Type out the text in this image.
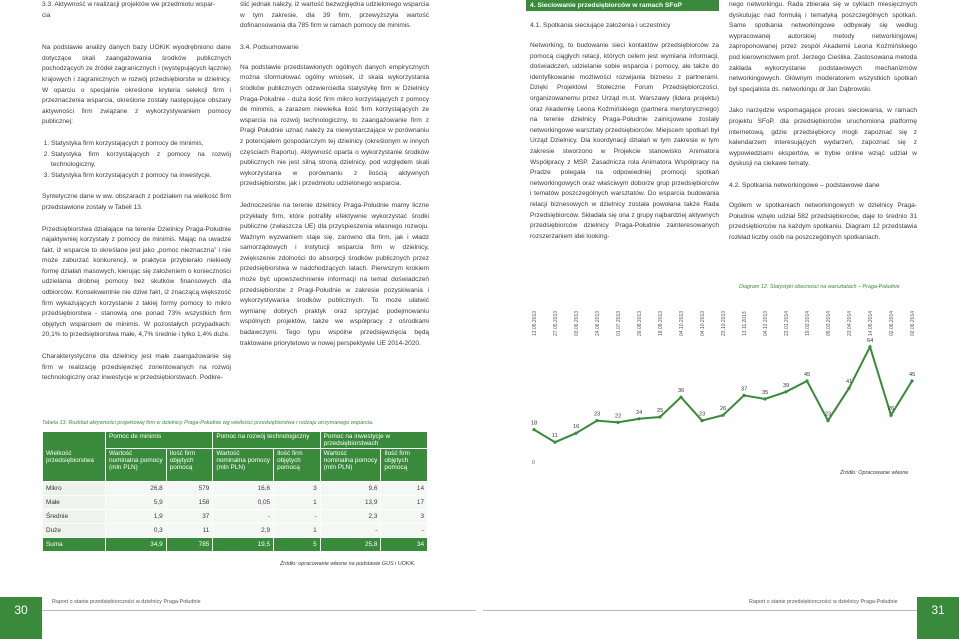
3.3. Aktywność w realizacji projektów we przedmiotu wspar-
cia

Na podstawie analizy danych bazy UOKiK wyodrębniono dane dotyczące skali zaangażowania środków publicznych pochodzących ze źródeł zagranicznych i (występujących łącznie) krajowych i zagranicznych w rozwój przedsiębiorstw w dzielnicy. W oparciu o specjalnie określone kryteria selekcji firm i przeznaczenia wsparcia, określone zostały następujące obszary aktywności firm związane z wykorzystywaniem pomocy publicznej:

1. Statystyka firm korzystających z pomocy de minimis,
2. Statystyka firm korzystających z pomocy na rozwój technologiczny,
3. Statystyka firm korzystających z pomocy na inwestycje.

Syntetyczne dane w ww. obszarach z podziałem na wielkość firm przedstawione zostały w Tabeli 13.

Przedsiębiorstwa działające na terenie Dzielnicy Praga-Południe najaktywniej korzystały z pomocy de minimis. Mając na uwadze fakt, iż wsparcie to określane jest jako „pomoc nieznaczna” i nie może zaburzać konkurencji, w praktyce przybierało niekiedy formę działań masowych, kierując się założeniem o konieczności udzielania drobnej pomocy bez skutków finansowych dla odbiorców. Konsekwentnie nie dziwi fakt, iż znaczącą większość firm wykazujących korzystanie z takiej formy pomocy to mikro przedsiębiorstwa - stanowią one ponad 73% wszystkich firm objętych wsparciem de minimis. W pozostałych przypadkach: 20,1% to przedsiębiorstwa małe, 4,7% średnie i tylko 1,4% duże.

Charakterystyczne dla dzielnicy jest małe zaangażowanie się firm w realizację przedsięwzięć zorientowanych na rozwój technologiczny oraz inwestycje w przedsiębiorstwach. Podkre-

ślić jednak należy, iż wartość bezwzględna udzielonego wsparcia w tym zakresie, dla 39 firm, przewyższyła wartość dofinansowania dla 785 firm w ramach pomocy de minimis.

3.4. Podsumowanie

Na podstawie przedstawionych ogólnych danych empirycznych można sformułować ogólny wniosek, iż skala wykorzystania środków publicznych odzwierciedla statystykę firm w Dzielnicy Praga-Południe - duża ilość firm mikro korzystających z pomocy de minimis, a zarazem niewielka ilość firm korzystających ze wsparcia na rozwój technologiczny, to zaangażowanie firm z Pragi Południe uznać należy za niewystarczające w porównaniu z potencjałem gospodarczym tej dzielnicy (określonym w innych częściach Raportu). Aktywność oparta o wykorzystanie środków publicznych nie jest silną stroną dzielnicy, pod względem skali wykorzystania w porównaniu z ilością aktywnych przedsiębiorstw, jak i przedmiotu udzielonego wsparcia.

Jednocześnie na terenie dzielnicy Praga-Południe mamy liczne przykłady firm, które potrafiły efektywnie wykorzystać środki publiczne (zwłaszcza UE) dla przyspieszenia własnego rozwoju. Ważnym wyzwaniem staje się, zarówno dla firm, jak i władz samorządowych i instytucji wsparcia firm w dzielnicy, zwiększenie zdolności do absorpcji środków publicznych przez przedsiębiorstwa w nadchodzących latach. Pierwszym krokiem może być upowszechnienie informacji na temat doświadczeń przedsiębiorstw z Pragi-Południe w zakresie pozyskiwania i wykorzystywania środków publicznych. To może ułatwić wymianę dobrych praktyk oraz sprzyjać podejmowaniu wspólnych projektów, także we współpracy z ośrodkami badawczymi. Tego typu wspólne przedsięwzięcia będą traktowane priorytetowo w nowej perspektywie UE 2014-2020.

Tabela 13. Rozkład aktywności projektowej firm w dzielnicy Praga-Południe wg wielkości przedsiębiorstwa i rodzaju otrzymanego wsparcia.
Wielkość przedsiębiorstwa	Pomoc de minimis		Pomoc na rozwój technologiczny		Pomoc na inwestycje w przedsiębiorstwach	
	Wartość nominalna pomocy (mln PLN)	Ilość firm objętych pomocą	Wartość nominalna pomocy (mln PLN)	Ilość firm objętych pomocą	Wartość nominalna pomocy (mln PLN)	Ilość firm objętych pomocą
Mikro	26,8	579	16,6	3	9,6	14
Małe	5,9	158	0,05	1	13,9	17
Średnie	1,9	37	-	-	2,3	3
Duże	0,3	11	2,9	1	-	-
Suma	34,9	785	19,5	5	25,8	34
Źródło: opracowanie własne na podstawie GUS i UOKiK.
4. Sieciowanie przedsiębiorców w ramach SFoP
4.1. Spotkania sieciujące założenia i uczestnicy

Networking, to budowanie sieci kontaktów przedsiębiorców za pomocą ciągłych relacji, których celem jest wymiana informacji, doświadczeń, udzielanie sobie wsparcia i pomocy, ale także do identyfikowanie możliwości rozwijania biznesu z partnerami. Dzięki Projektowi Stołeczne Forum Przedsiębiorczości, organizowanemu przez Urząd m.st. Warszawy (lidera projektu) oraz Akademię Leona Koźmińskiego (partnera merytorycznego) na terenie dzielnicy Praga-Południe zainicjowane zostały networkingowe warsztaty przedsiębiorców. Miejscem spotkań był Urząd Dzielnicy. Dla koordynacji działań w tym zakresie w tym zakresie stworzono w Projekcie stanowisko Animatora Współpracy z MSP. Zasadnicza rola Animatora Współpracy na Pradze polegała na odpowiedniej promocji spotkań networkingowych oraz właściwym doborze grup przedsiębiorców i tematów poszczególnych warsztatów. Do wsparcia budowania relacji biznesowych w dzielnicy została powołana także Rada Przedsiębiorców. Składała się ona z grupy najbardziej aktywnych przedsiębiorców dzielnicy Praga-Południe zainteresowanych rozszerzaniem idei looking-

nego networkingu. Rada zbierała się w cyklach miesięcznych dyskutując nad formułą i tematyką poszczególnych spotkań. Same spotkania networkingowe odbywały się według wypracowanej autorskiej metody networkingowej zaproponowanej przez zespół Akademii Leona Koźmińskiego pod kierownictwem prof. Jerzego Cieślika. Zastosowana metoda zakłada wykorzystanie podstawowych mechanizmów networkingowych. Głównym moderatorem wszystkich spotkań był specjalista ds. networkingu dr Jan Dąbrowski.

Jako narzędzie wspomagające proces sieciowania, w ramach projektu SFoP, dla przedsiębiorców uruchomiona platformę internetową, gdzie przedsiębiorcy mogli zapoznać się z kalendarzem interesujących wydarzeń, zapoznać się z wypowiedziami ekspertów, w trybie online wziąć udział w dyskusji na ciekawe tematy.

4.2. Spotkania networkingowe – podstawowe dane

Ogółem w spotkaniach networkingowych w dzielnicy Praga-Południe wzięło udział 582 przedsiębiorców, daje to średnio 31 przedsiębiorców na każdym spotkaniu. Diagram 12 przedstawia rozkład liczby osób na poszczególnych spotkaniach.

Diagram 12. Statystyki obecności na warsztatach – Praga-Południe
13.05.2013	27.05.2013	03.06.2013	24.06.2013	01.07.2013	26.08.2013	18.09.2013	04.10.2013	04.10.2013	23.10.2013	13.11.2013	04.12.2013	22.01.2014	19.02.2014	05.03.2014	23.04.2014	14.05.2014	02.06.2014	02.06.2014
0
18
11
16
23	22
24	25
36
23
26
37
35
39
45
23
41
64
26
45
Źródło: Opracowanie własne
30	31
Raport o stanie przedsiębiorczości w dzielnicy Praga-Południe	Raport o stanie przedsiębiorczości w dzielnicy Praga-Południe
